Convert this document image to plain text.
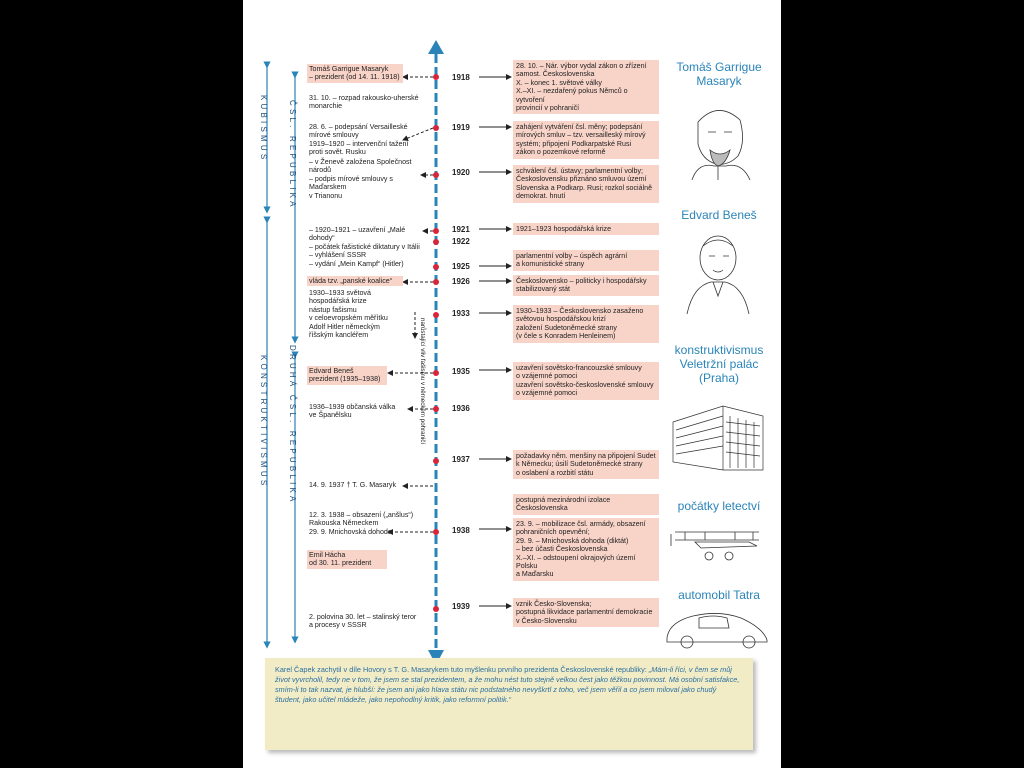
KUBISMUS	ČSL. REPUBLIKA
KONSTRUKTIVISMUS	DRUHÁ ČSL. REPUBLIKA
1918
1919
1920
1921
1922
1925
1926
1933
1935
1936
1937
1938
1939
Tomáš Garrigue Masaryk
– prezident (od 14. 11. 1918)
31. 10. – rozpad rakousko-uherské
monarchie
28. 6. – podepsání Versailleské
mírové smlouvy
1919–1920 – intervenční tažení
proti sovět. Rusku
– v Ženevě založena Společnost
národů
– podpis mírové smlouvy s Maďarskem
v Trianonu
– 1920–1921 – uzavření „Malé dohody“
– počátek fašistické diktatury v Itálii
– vyhlášení SSSR
– vydání „Mein Kampf“ (Hitler)
vláda tzv. „panské koalice“
1930–1933 světová
hospodářská krize
nástup fašismu
v celoevropském měřítku
Adolf Hitler německým
říšským kancléřem
Edvard Beneš
prezident (1935–1938)
1936–1939 občanská válka
ve Španělsku
14. 9. 1937 † T. G. Masaryk
12. 3. 1938 – obsazení („anšlus“)
Rakouska Německem
29. 9. Mnichovská dohoda
Emil Hácha
od 30. 11. prezident
2. polovina 30. let – stalinský teror
a procesy v SSSR
narůstající vliv fašismu v německém pohraničí
28. 10. – Nár. výbor vydal zákon o zřízení
samost. Československa
X. – konec 1. světové války
X.–XI. – nezdařený pokus Němců o vytvoření
provincií v pohraničí
zahájení vytváření čsl. měny; podepsání
mírových smluv – tzv. versailleský mírový
systém; připojení Podkarpatské Rusi
zákon o pozemkové reformě
schválení čsl. ústavy; parlamentní volby;
Československu přiznáno smluvou území
Slovenska a Podkarp. Rusi; rozkol sociálně
demokrat. hnutí
1921–1923 hospodářská krize
parlamentní volby – úspěch agrární
a komunistické strany
Československo – politicky i hospodářsky
stabilizovaný stát
1930–1933 – Československo zasaženo
světovou hospodářskou krizí
založení Sudetoněmecké strany
(v čele s Konradem Henleinem)
uzavření sovětsko-francouzské smlouvy
o vzájemné pomoci
uzavření sovětsko-československé smlouvy
o vzájemné pomoci
požadavky něm. menšiny na připojení Sudet
k Německu; úsilí Sudetoněmecké strany
o oslabení a rozbití státu
postupná mezinárodní izolace Československa
23. 9. – mobilizace čsl. armády, obsazení
pohraničních opevnění;
29. 9. – Mnichovská dohoda (diktát)
– bez účasti Československa
X.–XI. – odstoupení okrajových území Polsku
a Maďarsku
vznik Česko-Slovenska;
postupná likvidace parlamentní demokracie
v Česko-Slovensku
Tomáš Garrigue
Masaryk
Edvard Beneš
konstruktivismus
Veletržní palác
(Praha)
počátky letectví
automobil Tatra
Karel Čapek zachytil v díle Hovory s T. G. Masarykem tuto myšlenku prvního prezidenta Československé republiky: „Mám-li říci, v čem se můj život vyvrcholil, tedy ne v tom, že jsem se stal prezidentem, a že mohu nést tuto stejně velkou čest jako těžkou povinnost. Má osobní satisfakce, smím-li to tak nazvat, je hlubší: že jsem ani jako hlava státu nic podstatného nevyškrtl z toho, več jsem věřil a co jsem miloval jako chudý študent, jako učitel mládeže, jako nepohodlný kritik, jako reformní politik.“
